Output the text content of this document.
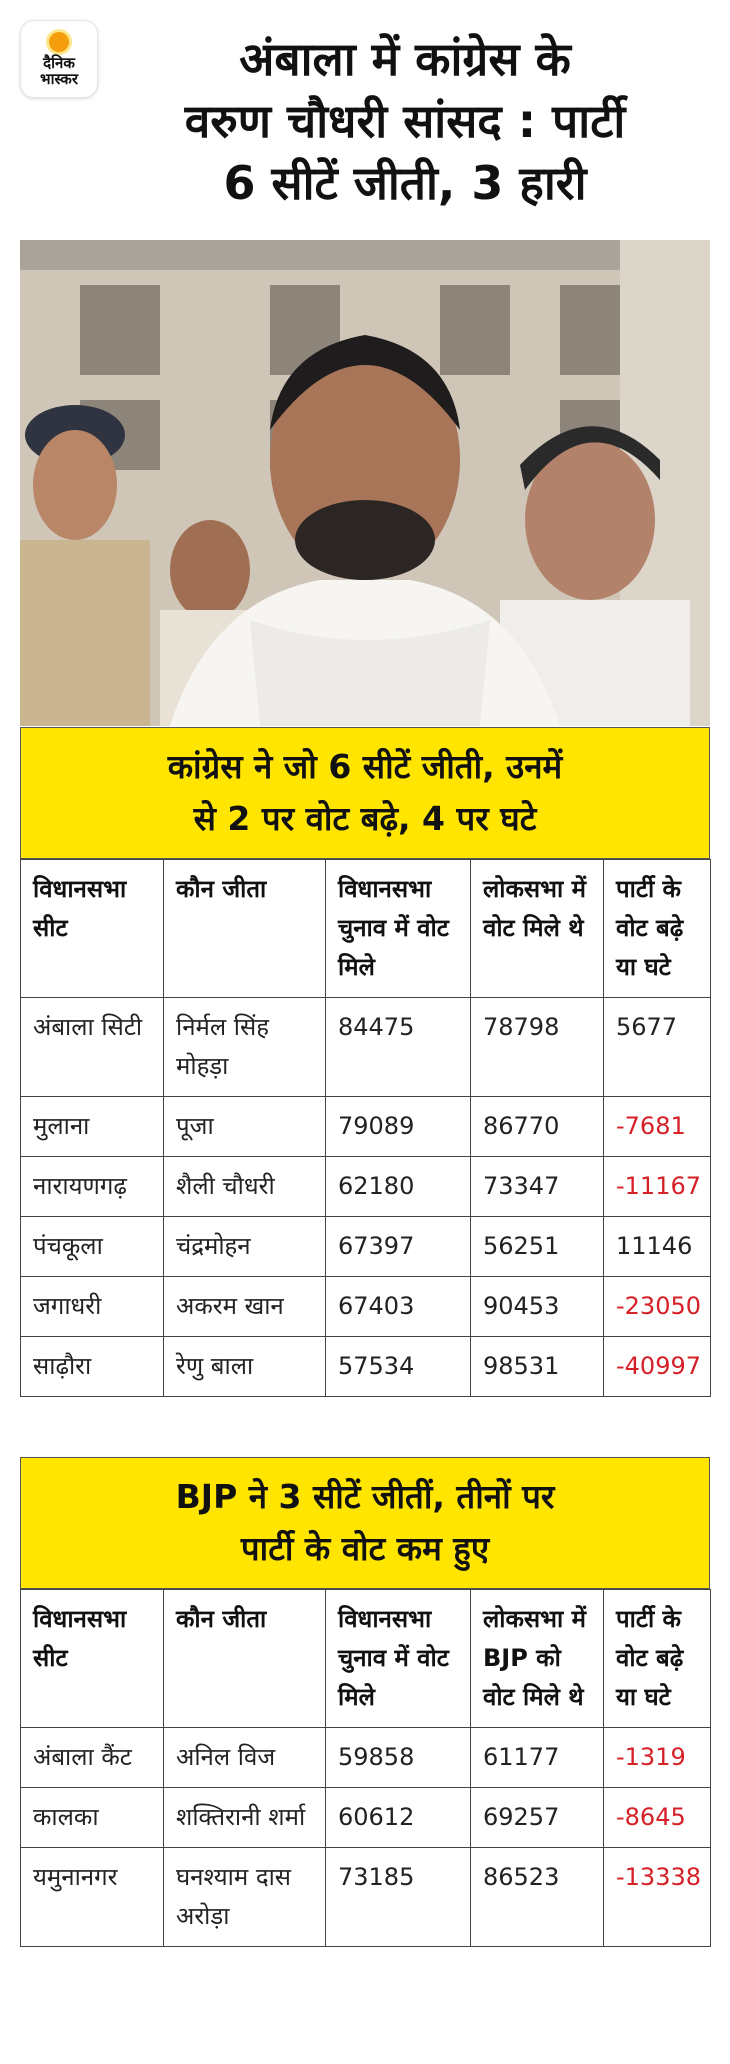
दैनिक
भास्कर	अंबाला में कांग्रेस के
वरुण चौधरी सांसद : पार्टी
6 सीटें जीती, 3 हारी
कांग्रेस ने जो 6 सीटें जीती, उनमें
से 2 पर वोट बढ़े, 4 पर घटे
विधानसभा सीट	कौन जीता	विधानसभा चुनाव में वोट मिले	लोकसभा में वोट मिले थे	पार्टी के वोट बढ़े या घटे
अंबाला सिटी	निर्मल सिंह मोहड़ा	84475	78798	5677
मुलाना	पूजा	79089	86770	-7681
नारायणगढ़	शैली चौधरी	62180	73347	-11167
पंचकूला	चंद्रमोहन	67397	56251	11146
जगाधरी	अकरम खान	67403	90453	-23050
साढ़ौरा	रेणु बाला	57534	98531	-40997
BJP ने 3 सीटें जीतीं, तीनों पर
पार्टी के वोट कम हुए
विधानसभा सीट	कौन जीता	विधानसभा चुनाव में वोट मिले	लोकसभा में BJP को वोट मिले थे	पार्टी के वोट बढ़े या घटे
अंबाला कैंट	अनिल विज	59858	61177	-1319
कालका	शक्तिरानी शर्मा	60612	69257	-8645
यमुनानगर	घनश्याम दास अरोड़ा	73185	86523	-13338
